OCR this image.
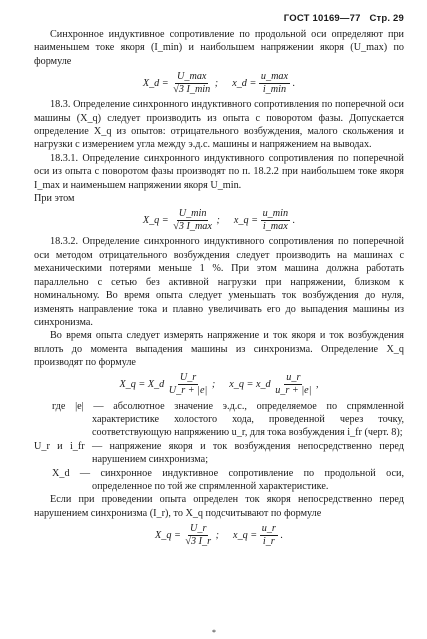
ГОСТ 10169—77 Стр. 29

Синхронное индуктивное сопротивление по продольной оси определяют при наименьшем токе якоря (I_min) и наибольшем напряжении якоря (U_max) по формуле

X_d = $\frac{U\_\max}{√3 I\_\min}$ ; x_d = $\frac{u\_\max}{i\_\min}$ .

18.3. Определение синхронного индуктивного сопротивления по поперечной оси машины (X_q) следует производить из опыта с поворотом фазы. Допускается определение X_q из опытов: отрицательного возбуждения, малого скольжения и нагрузки с измерением угла между э.д.с. машины и напряжением на выводах.

18.3.1. Определение синхронного индуктивного сопротивления по поперечной оси из опыта с поворотом фазы производят по п. 18.2.2 при наибольшем токе якоря I_max и наименьшем напряжении якоря U_min.

При этом

X_q = $\frac{U\_\min}{√3 I\_\max}$ ; x_q = $\frac{u\_\min}{i\_\max}$ .

18.3.2. Определение синхронного индуктивного сопротивления по поперечной оси методом отрицательного возбуждения следует производить на машинах с механическими потерями меньше 1 %. При этом машина должна работать параллельно с сетью без активной нагрузки при напряжении, близком к номинальному. Во время опыта следует уменьшать ток возбуждения до нуля, изменять направление тока и плавно увеличивать его до выпадения машины из синхронизма.

Во время опыта следует измерять напряжение и ток якоря и ток возбуждения вплоть до момента выпадения машины из синхронизма. Определение X_q производят по формуле

X_q = X_d $\frac{U\_r}{U\_r + |e|}$ ; x_q = x_d $\frac{u\_r}{u\_r + |e|}$ ,

где |e| — абсолютное значение э.д.с., определяемое по спрямленной характеристике холостого хода, проведенной через точку, соответствующую напряжению u_r, для тока возбуждения i_fr (черт. 8);

U_r и i_fr — напряжение якоря и ток возбуждения непосредственно перед нарушением синхронизма;

X_d — синхронное индуктивное сопротивление по продольной оси, определенное по той же спрямленной характеристике.

Если при проведении опыта определен ток якоря непосредственно перед нарушением синхронизма (I_r), то X_q подсчитывают по формуле

X_q = $\frac{U\_r}{√3 I\_r}$ ; x_q = $\frac{u\_r}{i\_r}$ .
*
